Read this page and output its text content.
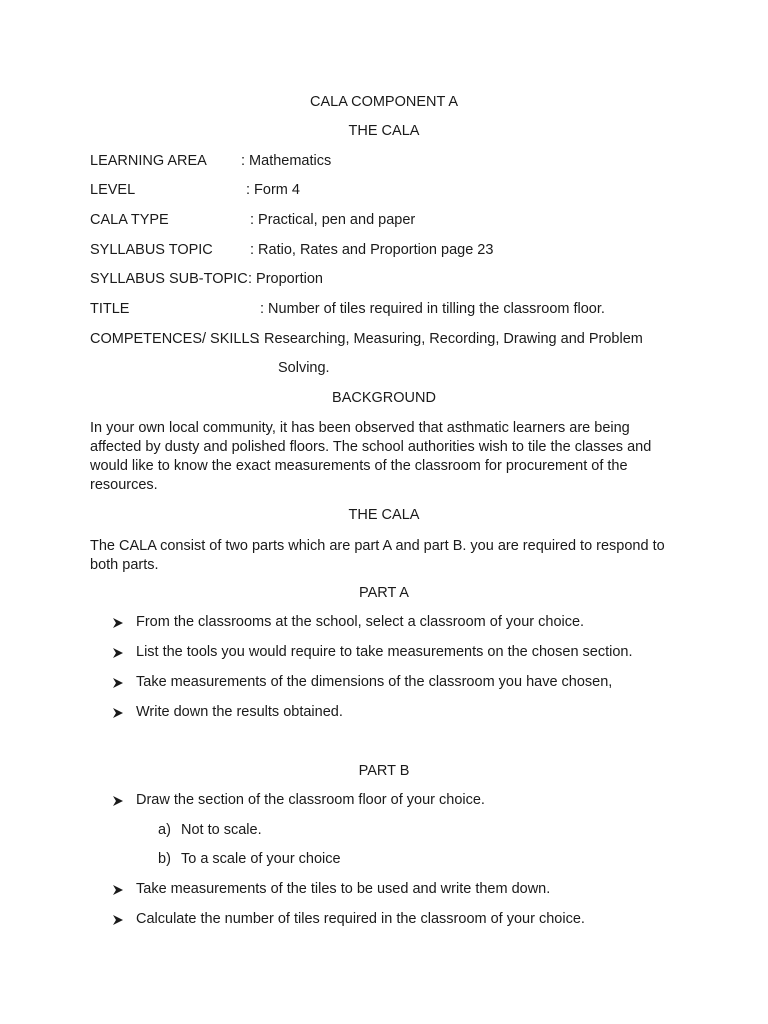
CALA COMPONENT A
THE CALA
LEARNING AREA : Mathematics
LEVEL	: Form 4
CALA TYPE	: Practical, pen and paper
SYLLABUS TOPIC	: Ratio, Rates and Proportion page 23
SYLLABUS SUB-TOPIC : Proportion
TITLE	: Number of tiles required in tilling the classroom floor.
COMPETENCES/ SKILLS
: Researching, Measuring, Recording, Drawing and Problem
Solving.
BACKGROUND
In your own local community, it has been observed that asthmatic learners are being affected by dusty and polished floors. The school authorities wish to tile the classes and would like to know the exact measurements of the classroom for procurement of the resources.
THE CALA
The CALA consist of two parts which are part A and part B. you are required to respond to both parts.
PART A
From the classrooms at the school, select a classroom of your choice.
List the tools you would require to take measurements on the chosen section.
Take measurements of the dimensions of the classroom you have chosen,
Write down the results obtained.
PART B
Draw the section of the classroom floor of your choice.
a) Not to scale.
b) To a scale of your choice
Take measurements of the tiles to be used and write them down.
Calculate the number of tiles required in the classroom of your choice.
